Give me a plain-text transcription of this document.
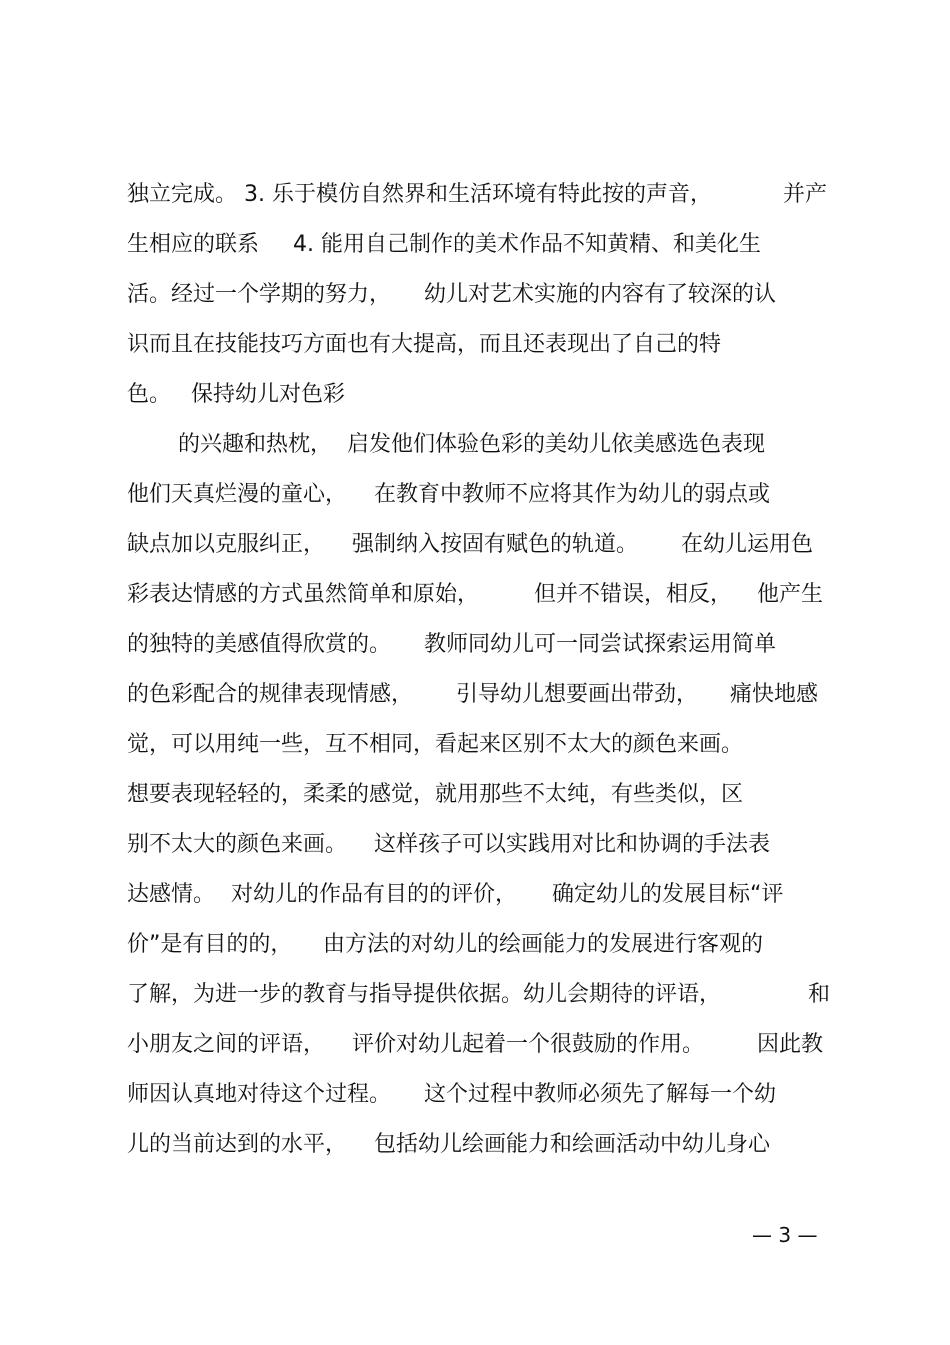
独立完成。 3. 乐于模仿自然界和生活环境有特此按的声音，

	并产

生相应的联系

4. 能用自己制作的美术作品不知黄精、和美化生

活。经过一个学期的努力，

幼儿对艺术实施的内容有了较深的认

识而且在技能技巧方面也有大提高，而且还表现出了自己的特

色。

保持幼儿对色彩

的兴趣和热枕，

启发他们体验色彩的美幼儿依美感选色表现

他们天真烂漫的童心，

在教育中教师不应将其作为幼儿的弱点或

缺点加以克服纠正，

强制纳入按固有赋色的轨道。

在幼儿运用色

彩表达情感的方式虽然简单和原始，

但并不错误，相反，

他产生

的独特的美感值得欣赏的。

教师同幼儿可一同尝试探索运用简单

的色彩配合的规律表现情感，

引导幼儿想要画出带劲，

痛快地感

觉，可以用纯一些，互不相同，看起来区别不太大的颜色来画。

想要表现轻轻的，柔柔的感觉，就用那些不太纯，有些类似，区

别不太大的颜色来画。

这样孩子可以实践用对比和协调的手法表

达感情。

对幼儿的作品有目的的评价，

确定幼儿的发展目标“评

价”是有目的的，

由方法的对幼儿的绘画能力的发展进行客观的

了解，为进一步的教育与指导提供依据。幼儿会期待的评语，

	和

小朋友之间的评语，

评价对幼儿起着一个很鼓励的作用。

因此教

师因认真地对待这个过程。

这个过程中教师必须先了解每一个幼

儿的当前达到的水平，

包括幼儿绘画能力和绘画活动中幼儿身心

— 3 —
